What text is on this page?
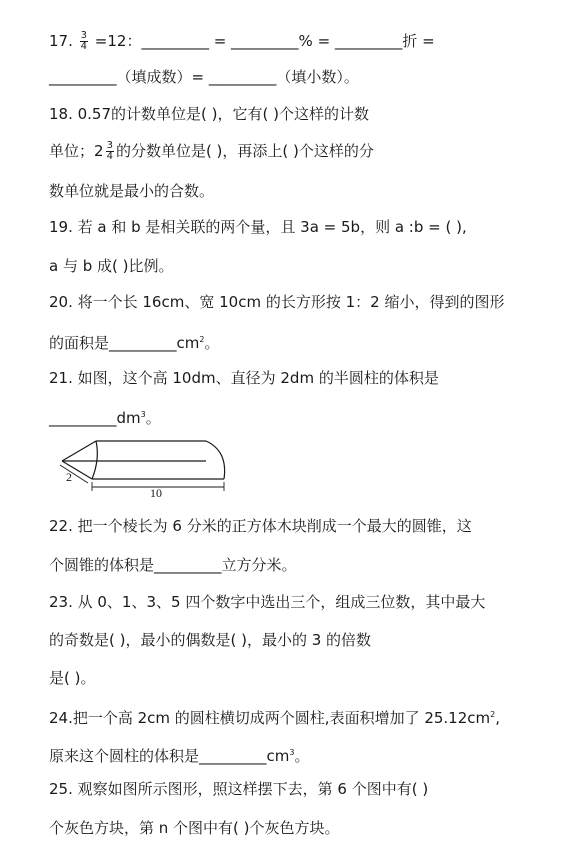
17. $\frac{3}{4} =12$：_________ = _________% = _________折 =
_________（填成数）= _________（填小数）。
18. 0.57的计数单位是( )，它有( )个这样的计数
单位；$2 \frac{3}{4}$ 的分数单位是( )，再添上( )个这样的分
数单位就是最小的合数。
19. 若 a 和 b 是相关联的两个量，且 3a = 5b，则 a :b = ( ),
a 与 b 成( )比例。
20. 将一个长 16cm、宽 10cm 的长方形按 1：2 缩小，得到的图形
的面积是$\_\_\_\_\_\_\_\_\_cm^2$。
21. 如图，这个高 10dm、直径为 2dm 的半圆柱的体积是
$\_\_\_\_\_\_\_\_\_dm^3$。
2
10
22. 把一个棱长为 6 分米的正方体木块削成一个最大的圆锥，这
个圆锥的体积是_________立方分米。
23. 从 0、1、3、5 四个数字中选出三个，组成三位数，其中最大
的奇数是( )，最小的偶数是( )，最小的 3 的倍数
是( )。
24.把一个高 2cm 的圆柱横切成两个圆柱,表面积增加了 $25.12cm^2$,
原来这个圆柱的体积是$\_\_\_\_\_\_\_\_\_cm^3$。
25. 观察如图所示图形，照这样摆下去，第 6 个图中有( )
个灰色方块，第 n 个图中有( )个灰色方块。
